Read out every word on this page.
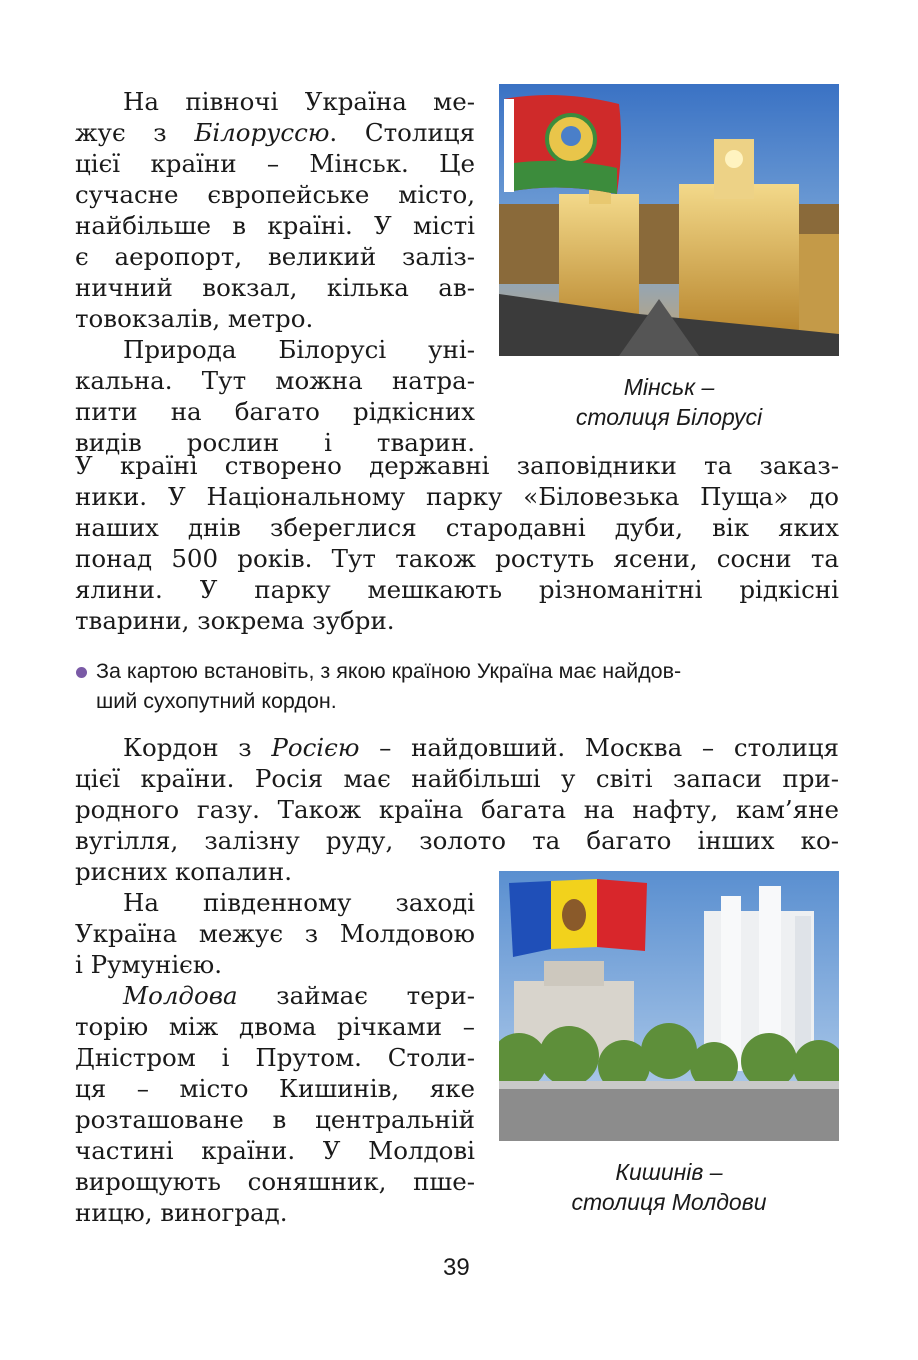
На півночі Україна ме-
жує з Білоруссю. Столиця
цієї країни – Мінськ. Це
сучасне європейське місто,
найбільше в країні. У місті
є аеропорт, великий заліз-
ничний вокзал, кілька ав-
товокзалів, метро.
Природа Білорусі уні-
кальна. Тут можна натра-
пити на багато рідкісних
видів рослин і тварин.
Мінськ –
столиця Білорусі
У країні створено державні заповідники та заказ-
ники. У Національному парку «Біловезька Пуща» до
наших днів збереглися стародавні дуби, вік яких
понад 500 років. Тут також ростуть ясени, сосни та
ялини. У парку мешкають різноманітні рідкісні
тварини, зокрема зубри.
За картою встановіть, з якою країною Україна має найдов-
ший сухопутний кордон.
Кордон з Росією – найдовший. Москва – столиця
цієї країни. Росія має найбільші у світі запаси при-
родного газу. Також країна багата на нафту, кам’яне
вугілля, залізну руду, золото та багато інших ко-
рисних копалин.
На південному заході
Україна межує з Молдовою
і Румунією.
Молдова займає тери-
торію між двома річками –
Дністром і Прутом. Столи-
ця – місто Кишинів, яке
розташоване в центральній
частині країни. У Молдові
вирощують соняшник, пше-
ницю, виноград.
Кишинів –
столиця Молдови
39
